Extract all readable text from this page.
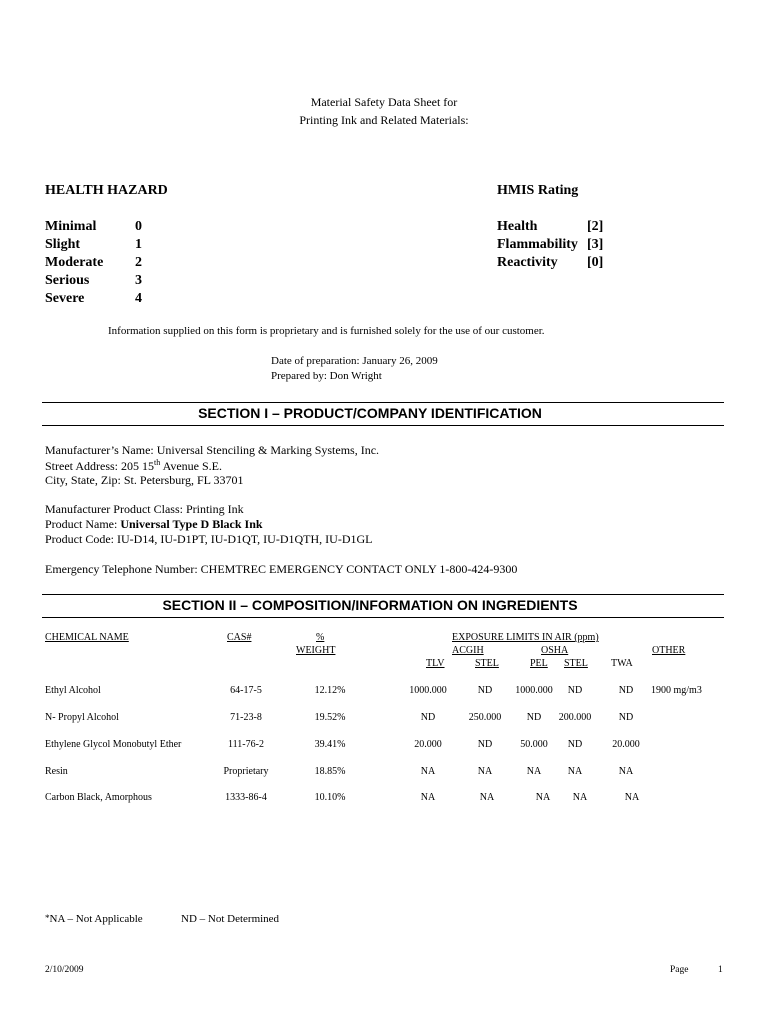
Material Safety Data Sheet for
Printing Ink and Related Materials:
HEALTH HAZARD
Minimal	0
Slight	1
Moderate 2
Serious	3
Severe	4
HMIS Rating
Health	[2]
Flammability [3]
Reactivity [0]
Information supplied on this form is proprietary and is furnished solely for the use of our customer.
Date of preparation: January 26, 2009
Prepared by: Don Wright
SECTION I – PRODUCT/COMPANY IDENTIFICATION
Manufacturer’s Name: Universal Stenciling & Marking Systems, Inc.
Street Address: 205 15th Avenue S.E.
City, State, Zip: St. Petersburg, FL 33701
Manufacturer Product Class: Printing Ink
Product Name: Universal Type D Black Ink
Product Code: IU-D14, IU-D1PT, IU-D1QT, IU-D1QTH, IU-D1GL
Emergency Telephone Number: CHEMTREC EMERGENCY CONTACT ONLY 1-800-424-9300
SECTION II – COMPOSITION/INFORMATION ON INGREDIENTS
CHEMICAL NAME	CAS#	%
WEIGHT
EXPOSURE LIMITS IN AIR (ppm)
ACGIH	OSHA	OTHER
TLV	STEL	PEL STEL TWA
Ethyl Alcohol	64-17-5	12.12%	1000.000	ND	1000.000	ND	ND	1900 mg/m3
N- Propyl Alcohol	71-23-8	19.52%	ND	250.000	ND	200.000	ND
Ethylene Glycol Monobutyl Ether	111-76-2	39.41%	20.000	ND	50.000	ND	20.000
Resin	Proprietary	18.85%	NA	NA	NA	NA	NA
Carbon Black, Amorphous	1333-86-4	10.10%	NA	NA	NA	NA	NA
*NA – Not Applicable	ND – Not Determined
2/10/2009	Page	1
